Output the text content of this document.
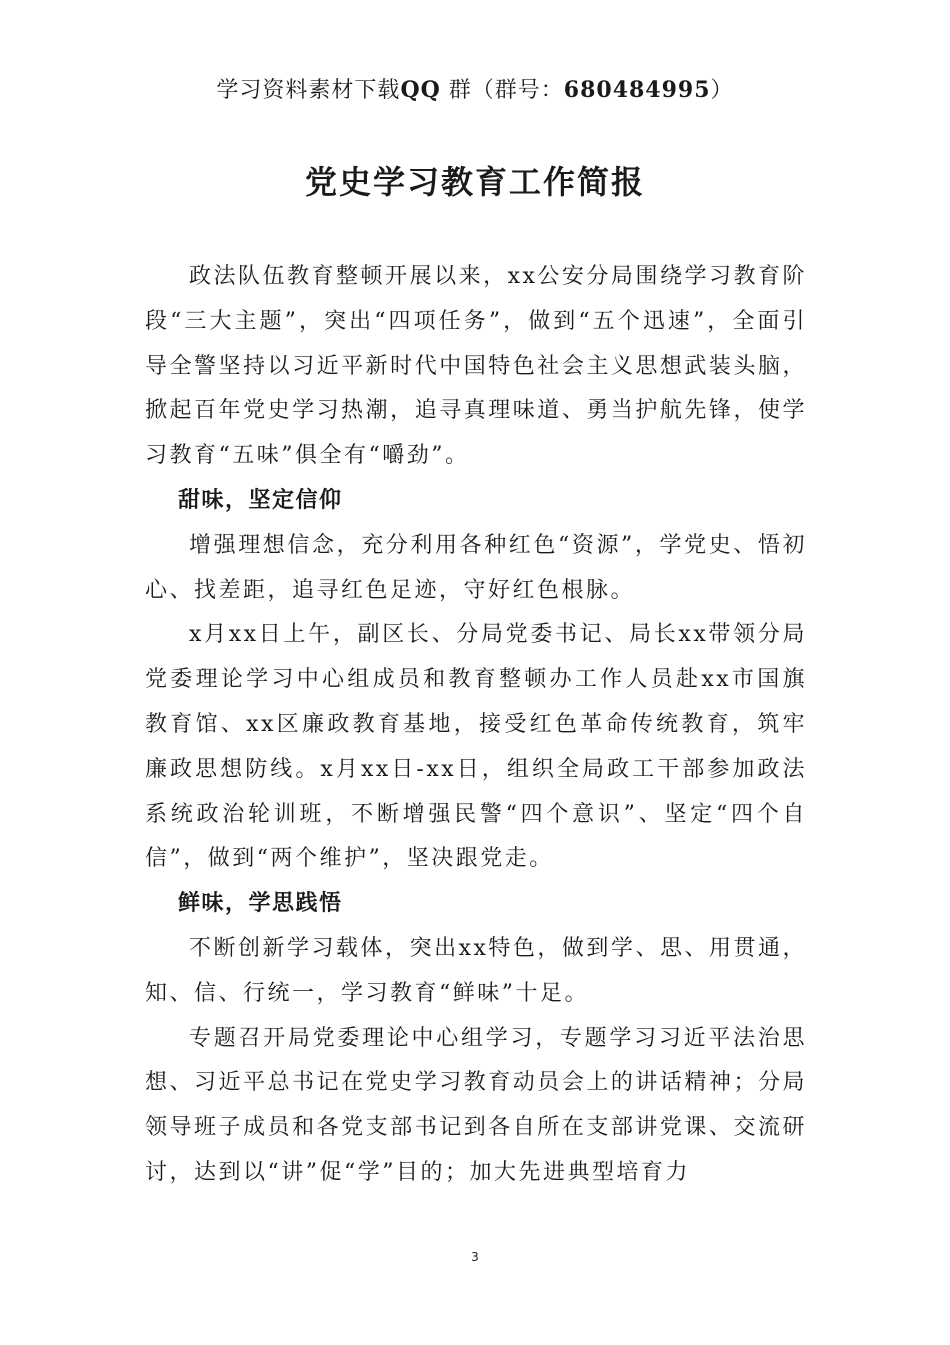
学习资料素材下载QQ 群（群号：680484995）
党史学习教育工作简报

政法队伍教育整顿开展以来，xx公安分局围绕学习教育阶段“三大主题”，突出“四项任务”，做到“五个迅速”，全面引导全警坚持以习近平新时代中国特色社会主义思想武装头脑，掀起百年党史学习热潮，追寻真理味道、勇当护航先锋，使学习教育“五味”俱全有“嚼劲”。

甜味，坚定信仰

增强理想信念，充分利用各种红色“资源”，学党史、悟初心、找差距，追寻红色足迹，守好红色根脉。

x月xx日上午，副区长、分局党委书记、局长xx带领分局党委理论学习中心组成员和教育整顿办工作人员赴xx市国旗教育馆、xx区廉政教育基地，接受红色革命传统教育，筑牢廉政思想防线。x月xx日-xx日，组织全局政工干部参加政法系统政治轮训班，不断增强民警“四个意识”、坚定“四个自信”，做到“两个维护”，坚决跟党走。

鲜味，学思践悟

不断创新学习载体，突出xx特色，做到学、思、用贯通，知、信、行统一，学习教育“鲜味”十足。

专题召开局党委理论中心组学习，专题学习习近平法治思想、习近平总书记在党史学习教育动员会上的讲话精神；分局领导班子成员和各党支部书记到各自所在支部讲党课、交流研讨，达到以“讲”促“学”目的；加大先进典型培育力

3
